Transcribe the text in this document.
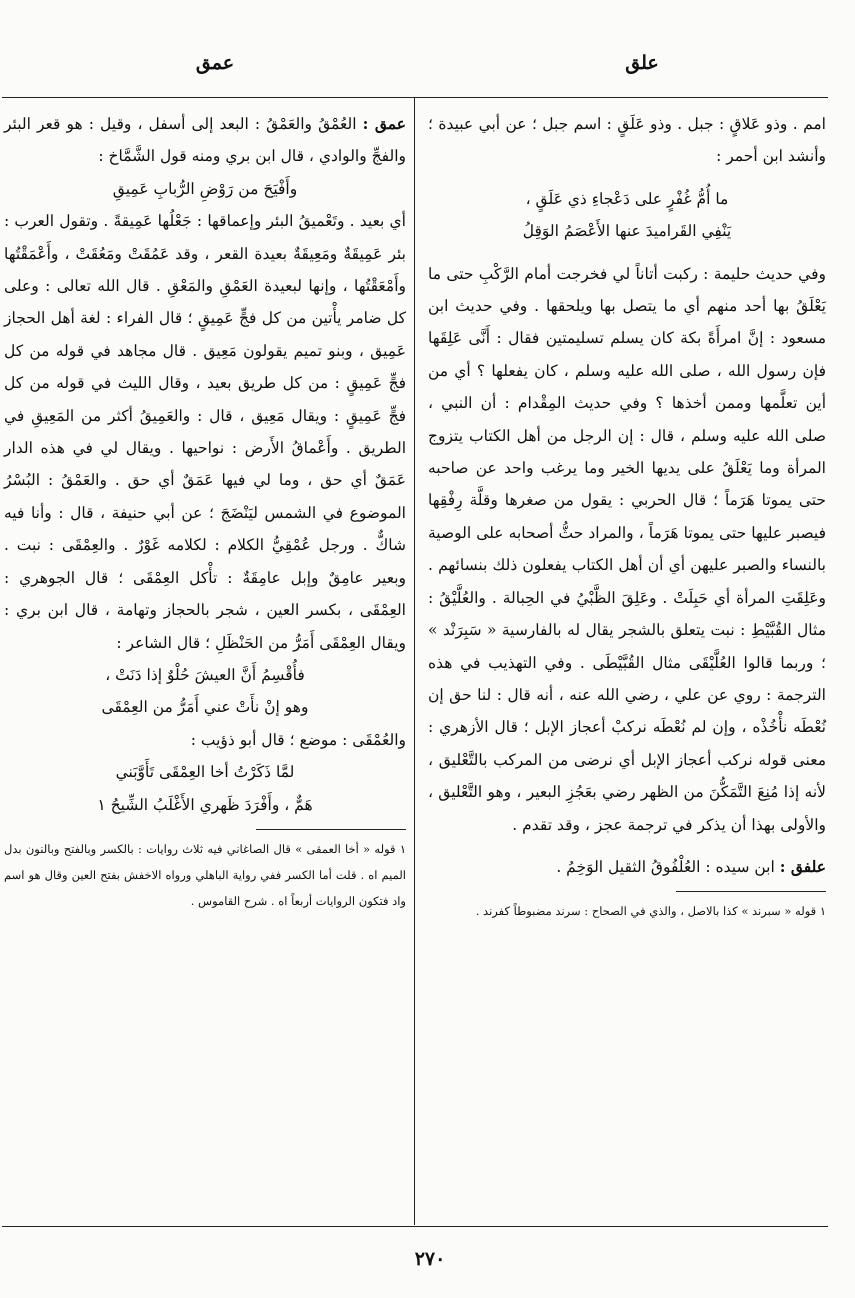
علق
عمق

امم . وذو عَلاقٍ : جبل . وذو عَلَقٍ : اسم جبل ؛ عن أبي عبيدة ؛ وأنشد ابن أحمر :

ما أُمُّ غُفْرٍ على دَعْجاءِ ذي عَلَقٍ ،

يَنْفِي القَراميدَ عنها الأَعْصَمُ الوَقِلُ

وفي حديث حليمة : ركبت أتاناً لي فخرجت أمام الرَّكْبِ حتى ما يَعْلَقُ بها أحد منهم أي ما يتصل بها ويلحقها . وفي حديث ابن مسعود : إنَّ امرأَةً بكة كان يسلم تسليمتين فقال : أَنَّى عَلِقَها فإن رسول الله ، صلى الله عليه وسلم ، كان يفعلها ؟ أي من أين تعلَّمها وممن أخذها ؟ وفي حديث المِقْدام : أن النبي ، صلى الله عليه وسلم ، قال : إن الرجل من أهل الكتاب يتزوج المرأة وما يَعْلَقُ على يديها الخير وما يرغب واحد عن صاحبه حتى يموتا هَرَماً ؛ قال الحربي : يقول من صغرها وقلَّة رِفْقِها فيصبر عليها حتى يموتا هَرَماً ، والمراد حثُّ أصحابه على الوصية بالنساء والصبر عليهن أي أن أهل الكتاب يفعلون ذلك بنسائهم . وعَلِقَتِ المرأة أي حَبِلَتْ . وعَلِقَ الظَّبْيُ في الحِبالة . والعُلَّيْقُ : مثال القُبَّيْطِ : نبت يتعلق بالشجر يقال له بالفارسية « سَبِرَنْد » ؛ وربما قالوا العُلَّيْقَى مثال القُبَّيْطَى . وفي التهذيب في هذه الترجمة : روي عن علي ، رضي الله عنه ، أنه قال : لنا حق إن نُعْطَه نأْخُذْه ، وإن لم نُعْطَه نركبْ أعجاز الإبل ؛ قال الأزهري : معنى قوله نركب أعجاز الإبل أي نرضى من المركب بالتَّعْليق ، لأنه إذا مُنِعَ التَّمَكُّنَ من الظهر رضي بعَجُزِ البعير ، وهو التَّعْليق ، والأولى بهذا أن يذكر في ترجمة عجز ، وقد تقدم .

علفق : ابن سيده : العُلْفُوقُ الثقيل الوَخِمُ .

١ قوله « سبرند » كذا بالاصل ، والذي في الصحاح : سرند مضبوطاً كفرند .

عمق : العُمْقُ والعَمْقُ : البعد إلى أسفل ، وقيل : هو قعر البئر والفجِّ والوادي ، قال ابن بري ومنه قول الشَّمَّاخ :

وأَفْيَحَ من رَوْضِ الرُّبابِ عَمِيقِ

أي بعيد . وتَعْميقُ البئر وإعماقها : جَعْلُها عَمِيقةً . وتقول العرب : بئر عَمِيقَةٌ ومَعِيقَةٌ بعيدة القعر ، وقد عَمُقَتْ ومَعُقَتْ ، وأَعْمَقْتُها وأَمْعَقْتُها ، وإنها لبعيدة العَمْقِ والمَعْقِ . قال الله تعالى : وعلى كل ضامر يأْتين من كل فجٍّ عَمِيقٍ ؛ قال الفراء : لغة أهل الحجاز عَمِيق ، وبنو تميم يقولون مَعِيق . قال مجاهد في قوله من كل فجٍّ عَمِيقٍ : من كل طريق بعيد ، وقال الليث في قوله من كل فجٍّ عَمِيقٍ : ويقال مَعِيق ، قال : والعَمِيقُ أكثر من المَعِيقِ في الطريق . وأَعْماقُ الأَرض : نواحيها . ويقال لي في هذه الدار عَمَقٌ أي حق ، وما لي فيها عَمَقٌ أي حق . والعَمْقُ : البُسْرُ الموضوع في الشمس ليَنْضَجَ ؛ عن أبي حنيفة ، قال : وأنا فيه شاكٌّ . ورجل عُمْقِيُّ الكلام : لكلامه غَوْرٌ . والعِمْقَى : نبت . وبعير عامِقٌ وإبل عامِقَةٌ : تأْكل العِمْقَى ؛ قال الجوهري : العِمْقَى ، بكسر العين ، شجر بالحجاز وتهامة ، قال ابن بري : ويقال العِمْقَى أَمَرُّ من الحَنْظَلِ ؛ قال الشاعر :

فأُقْسِمُ أَنَّ العيشَ حُلْوٌ إذا دَنَتْ ،

وهو إنْ نأَتْ عني أَمَرُّ من العِمْقَى

والعُمْقَى : موضع ؛ قال أبو ذؤيب :

لمَّا ذَكَرْتُ أخا العِمْقَى تَأَوَّبَني

هَمٌّ ، وأَفْرَدَ ظَهري الأَغْلَبُ الشِّيحُ ١

١ قوله « أخا العمقى » قال الصاغاني فيه ثلاث روايات : بالكسر وبالفتح وبالنون بدل الميم اه . قلت أما الكسر ففي رواية الباهلي ورواه الاخفش بفتح العين وقال هو اسم واد فتكون الروايات أربعاً اه . شرح القاموس .

٢٧٠
